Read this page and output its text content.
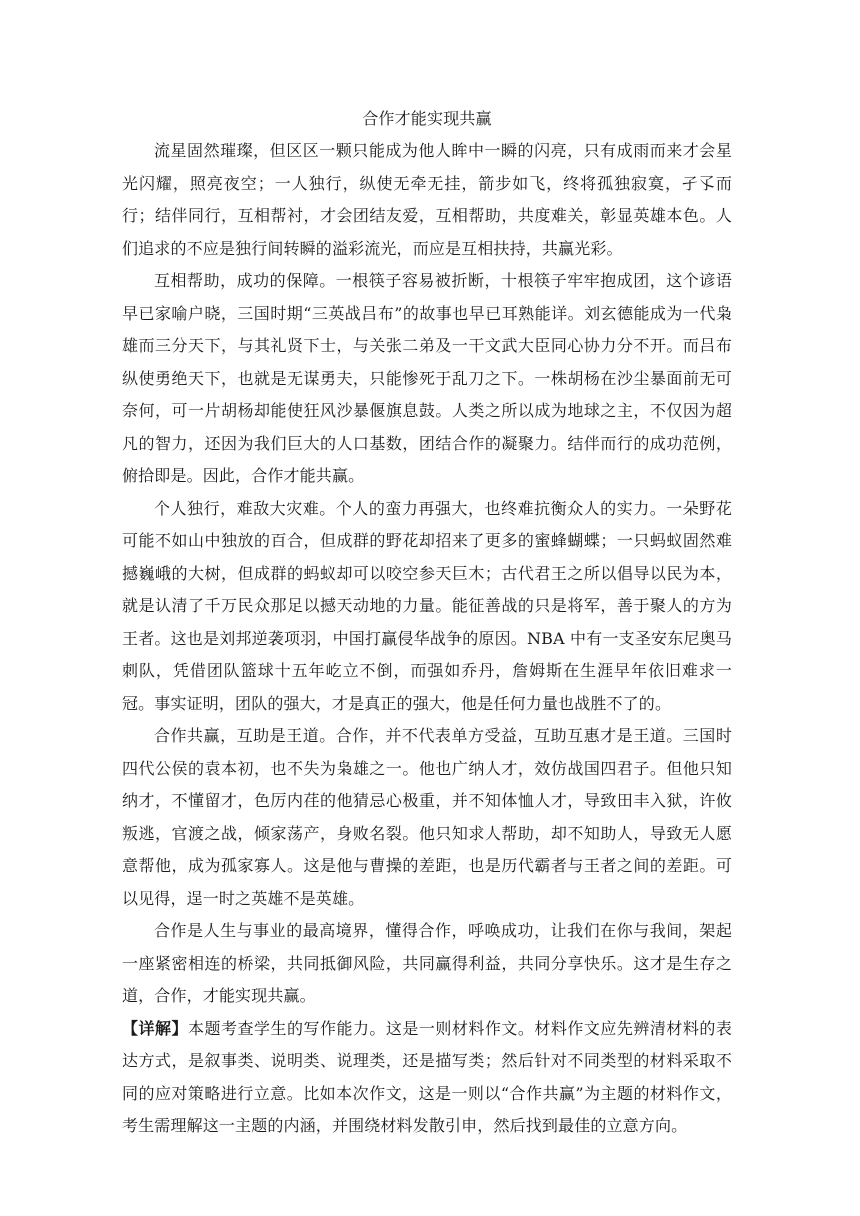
合作才能实现共赢

流星固然璀璨，但区区一颗只能成为他人眸中一瞬的闪亮，只有成雨而来才会星光闪耀，照亮夜空；一人独行，纵使无牵无挂，箭步如飞，终将孤独寂寞，孑孓而行；结伴同行，互相帮衬，才会团结友爱，互相帮助，共度难关，彰显英雄本色。人们追求的不应是独行间转瞬的溢彩流光，而应是互相扶持，共赢光彩。

互相帮助，成功的保障。一根筷子容易被折断，十根筷子牢牢抱成团，这个谚语早已家喻户晓，三国时期“三英战吕布”的故事也早已耳熟能详。刘玄德能成为一代枭雄而三分天下，与其礼贤下士，与关张二弟及一干文武大臣同心协力分不开。而吕布纵使勇绝天下，也就是无谋勇夫，只能惨死于乱刀之下。一株胡杨在沙尘暴面前无可奈何，可一片胡杨却能使狂风沙暴偃旗息鼓。人类之所以成为地球之主，不仅因为超凡的智力，还因为我们巨大的人口基数，团结合作的凝聚力。结伴而行的成功范例，俯拾即是。因此，合作才能共赢。

个人独行，难敌大灾难。个人的蛮力再强大，也终难抗衡众人的实力。一朵野花可能不如山中独放的百合，但成群的野花却招来了更多的蜜蜂蝴蝶；一只蚂蚁固然难撼巍峨的大树，但成群的蚂蚁却可以咬空参天巨木；古代君王之所以倡导以民为本，就是认清了千万民众那足以撼天动地的力量。能征善战的只是将军，善于聚人的方为王者。这也是刘邦逆袭项羽，中国打赢侵华战争的原因。NBA 中有一支圣安东尼奥马刺队，凭借团队篮球十五年屹立不倒，而强如乔丹，詹姆斯在生涯早年依旧难求一冠。事实证明，团队的强大，才是真正的强大，他是任何力量也战胜不了的。

合作共赢，互助是王道。合作，并不代表单方受益，互助互惠才是王道。三国时四代公侯的袁本初，也不失为枭雄之一。他也广纳人才，效仿战国四君子。但他只知纳才，不懂留才，色厉内荏的他猜忌心极重，并不知体恤人才，导致田丰入狱，许攸叛逃，官渡之战，倾家荡产，身败名裂。他只知求人帮助，却不知助人，导致无人愿意帮他，成为孤家寡人。这是他与曹操的差距，也是历代霸者与王者之间的差距。可以见得，逞一时之英雄不是英雄。

合作是人生与事业的最高境界，懂得合作，呼唤成功，让我们在你与我间，架起一座紧密相连的桥梁，共同抵御风险，共同赢得利益，共同分享快乐。这才是生存之道，合作，才能实现共赢。

【详解】本题考查学生的写作能力。这是一则材料作文。材料作文应先辨清材料的表达方式，是叙事类、说明类、说理类，还是描写类；然后针对不同类型的材料采取不同的应对策略进行立意。比如本次作文，这是一则以“合作共赢”为主题的材料作文，考生需理解这一主题的内涵，并围绕材料发散引申，然后找到最佳的立意方向。
